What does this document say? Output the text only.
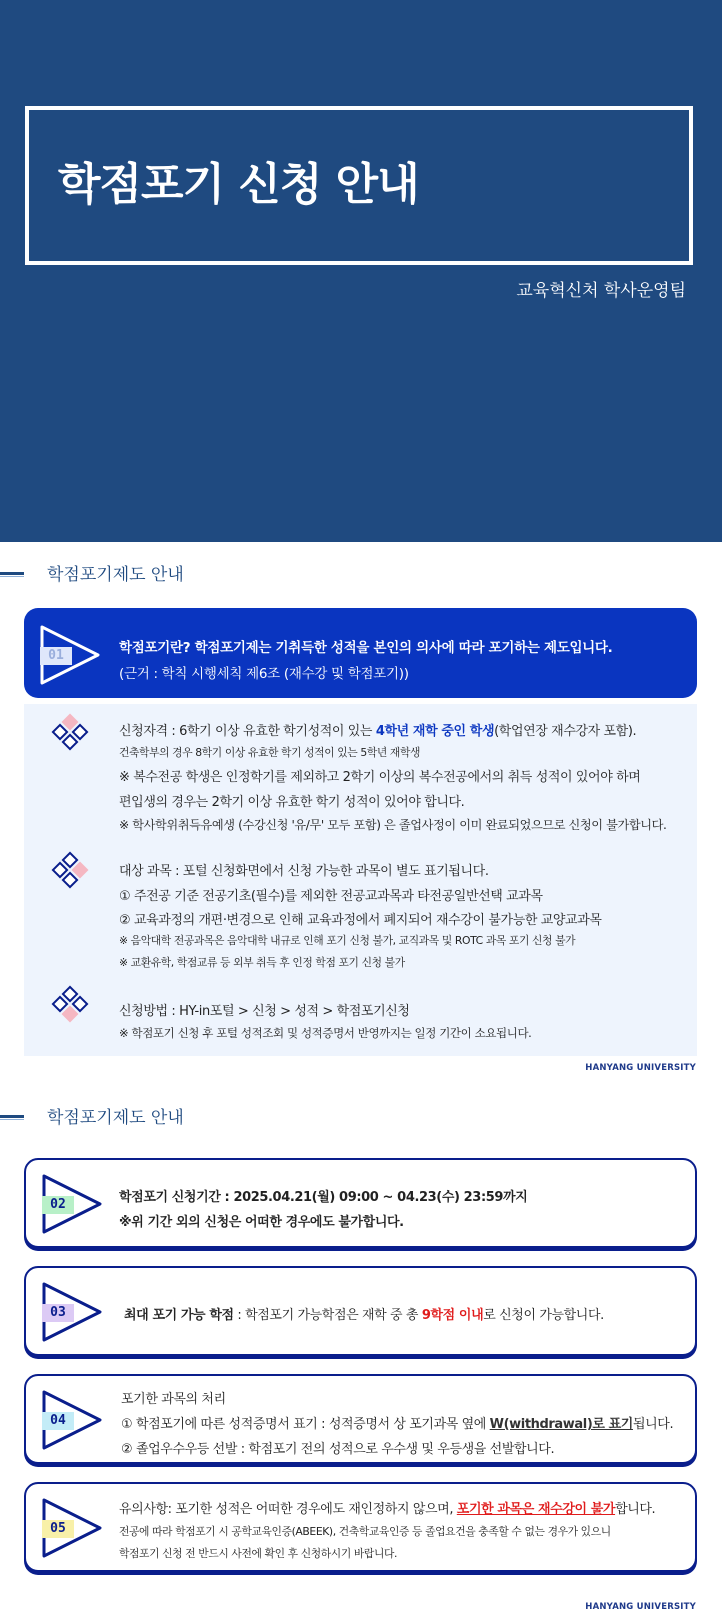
학점포기 신청 안내
교육혁신처 학사운영팀
학점포기제도 안내
01	학점포기란? 학점포기제는 기취득한 성적을 본인의 의사에 따라 포기하는 제도입니다.
(근거 : 학칙 시행세칙 제6조 (재수강 및 학점포기))
신청자격 : 6학기 이상 유효한 학기성적이 있는 4학년 재학 중인 학생(학업연장 재수강자 포함).
건축학부의 경우 8학기 이상 유효한 학기 성적이 있는 5학년 재학생
※ 복수전공 학생은 인정학기를 제외하고 2학기 이상의 복수전공에서의 취득 성적이 있어야 하며
편입생의 경우는 2학기 이상 유효한 학기 성적이 있어야 합니다.
※ 학사학위취득유예생 (수강신청 '유/무' 모두 포함) 은 졸업사정이 이미 완료되었으므로 신청이 불가합니다.
대상 과목 : 포털 신청화면에서 신청 가능한 과목이 별도 표기됩니다.
① 주전공 기준 전공기초(필수)를 제외한 전공교과목과 타전공일반선택 교과목
② 교육과정의 개편·변경으로 인해 교육과정에서 폐지되어 재수강이 불가능한 교양교과목
※ 음악대학 전공과목은 음악대학 내규로 인해 포기 신청 불가, 교직과목 및 ROTC 과목 포기 신청 불가
※ 교환유학, 학점교류 등 외부 취득 후 인정 학점 포기 신청 불가
신청방법 : HY-in포털 > 신청 > 성적 > 학점포기신청
※ 학점포기 신청 후 포털 성적조회 및 성적증명서 반영까지는 일정 기간이 소요됩니다.
HANYANG UNIVERSITY
학점포기제도 안내
02	학점포기 신청기간 : 2025.04.21(월) 09:00 ~ 04.23(수) 23:59까지
※위 기간 외의 신청은 어떠한 경우에도 불가합니다.
03	최대 포기 가능 학점 : 학점포기 가능학점은 재학 중 총 9학점 이내로 신청이 가능합니다.
04
포기한 과목의 처리
① 학점포기에 따른 성적증명서 표기 : 성적증명서 상 포기과목 옆에 W(withdrawal)로 표기됩니다.
② 졸업우수우등 선발 : 학점포기 전의 성적으로 우수생 및 우등생을 선발합니다.
05
유의사항: 포기한 성적은 어떠한 경우에도 재인정하지 않으며, 포기한 과목은 재수강이 불가합니다.
전공에 따라 학점포기 시 공학교육인증(ABEEK), 건축학교육인증 등 졸업요건을 충족할 수 없는 경우가 있으니
학점포기 신청 전 반드시 사전에 확인 후 신청하시기 바랍니다.
HANYANG UNIVERSITY
